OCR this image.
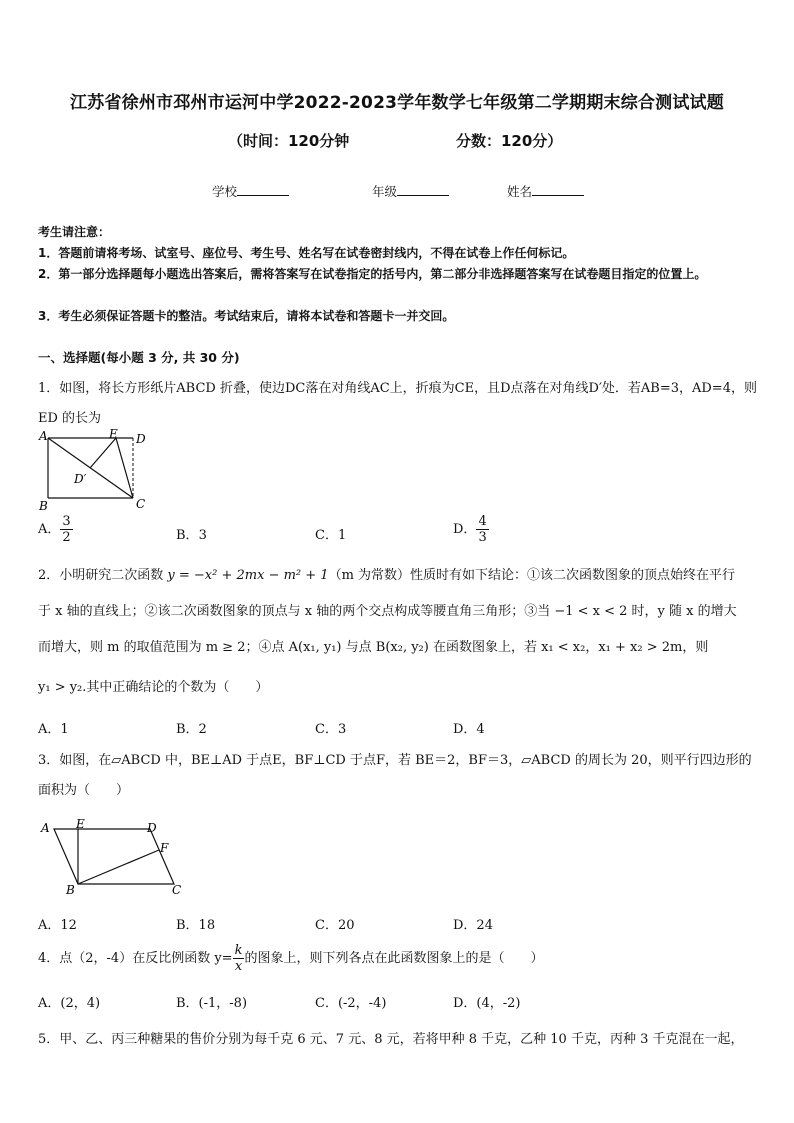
江苏省徐州市邳州市运河中学2022-2023学年数学七年级第二学期期末综合测试试题
（时间：120分钟	分数：120分）
学校	年级	姓名
考生请注意：
1．答题前请将考场、试室号、座位号、考生号、姓名写在试卷密封线内，不得在试卷上作任何标记。
2．第一部分选择题每小题选出答案后，需将答案写在试卷指定的括号内，第二部分非选择题答案写在试卷题目指定的位置上。
3．考生必须保证答题卡的整洁。考试结束后，请将本试卷和答题卡一并交回。
一、选择题(每小题 3 分, 共 30 分)
1．如图，将长方形纸片ABCD 折叠，使边DC落在对角线AC上，折痕为CE，且D点落在对角线D′处．若AB=3，AD=4，则ED 的长为
A	E D
D′
B	C
A． $\frac{3}{2}$	B．3	C．1	D． $\frac{4}{3}$
2．小明研究二次函数 y = −x² + 2mx − m² + 1（m 为常数）性质时有如下结论：①该二次函数图象的顶点始终在平行
于 x 轴的直线上；②该二次函数图象的顶点与 x 轴的两个交点构成等腰直角三角形；③当 −1 < x < 2 时，y 随 x 的增大
而增大，则 m 的取值范围为 m ≥ 2；④点 A(x₁, y₁) 与点 B(x₂, y₂) 在函数图象上，若 x₁ < x₂，x₁ + x₂ > 2m，则
y₁ > y₂.其中正确结论的个数为（　　）
A．1	B．2	C．3	D．4
3．如图，在▱ABCD 中，BE⊥AD 于点E，BF⊥CD 于点F，若 BE＝2，BF＝3，▱ABCD 的周长为 20，则平行四边形的面积为（　　）
A E	D
F
B	C
A．12	B．18	C．20	D．24
4．点（2，-4）在反比例函数 $y= \frac{k}{x}$ 的图象上，则下列各点在此函数图象上的是（　　）
A．(2，4)	B．(-1，-8)	C．(-2，-4)	D．(4，-2)
5．甲、乙、丙三种糖果的售价分别为每千克 6 元、7 元、8 元，若将甲种 8 千克，乙种 10 千克，丙种 3 千克混在一起，
